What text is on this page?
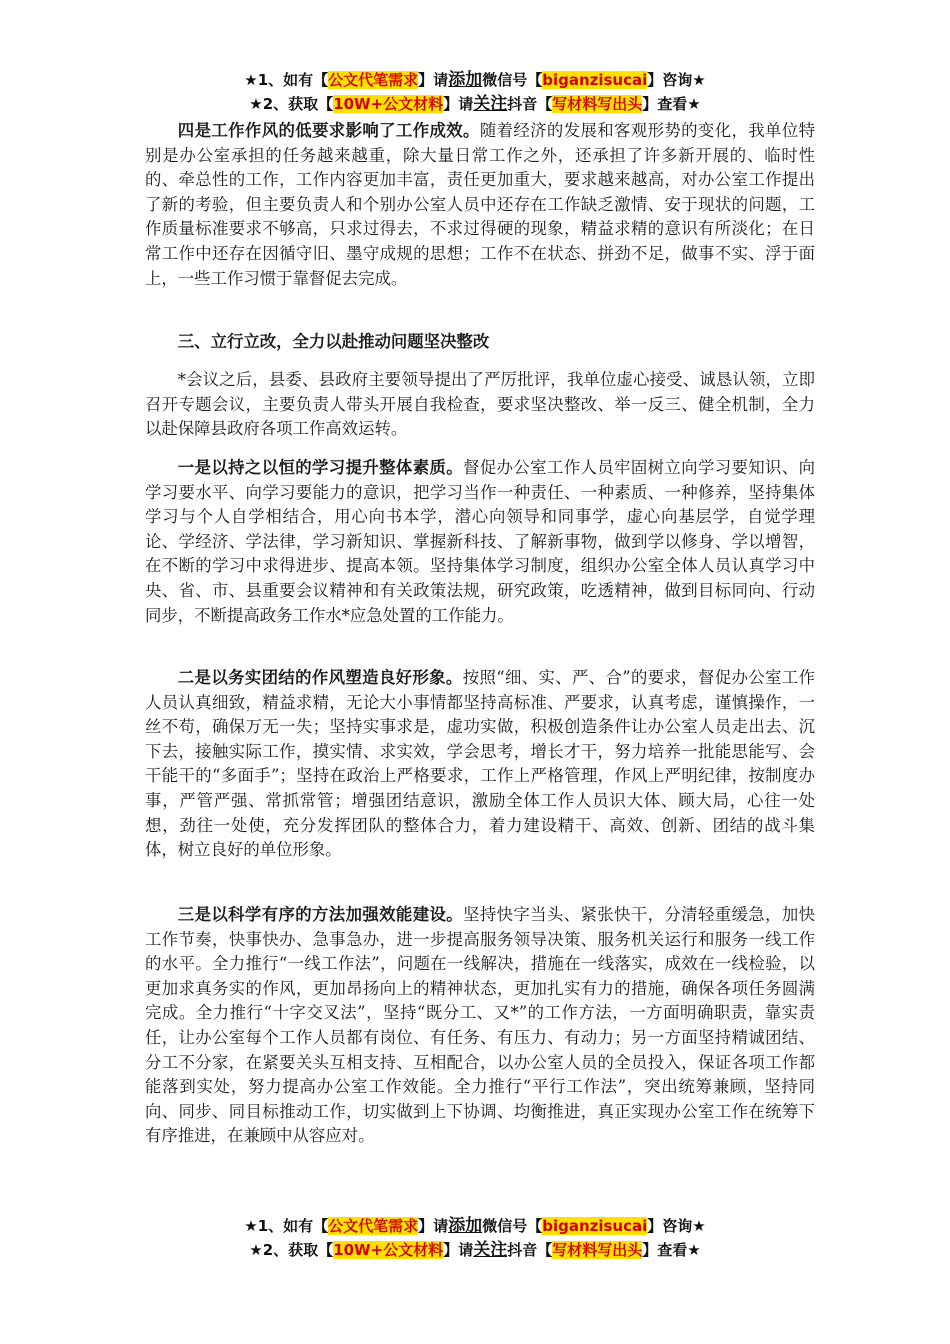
★1、如有【公文代笔需求】请添加微信号【biganzisucai】咨询★
★2、获取【10W+公文材料】请关注抖音【写材料写出头】查看★

四是工作作风的低要求影响了工作成效。随着经济的发展和客观形势的变化，我单位特别是办公室承担的任务越来越重，除大量日常工作之外，还承担了许多新开展的、临时性的、牵总性的工作，工作内容更加丰富，责任更加重大，要求越来越高，对办公室工作提出了新的考验，但主要负责人和个别办公室人员中还存在工作缺乏激情、安于现状的问题，工作质量标准要求不够高，只求过得去，不求过得硬的现象，精益求精的意识有所淡化；在日常工作中还存在因循守旧、墨守成规的思想；工作不在状态、拼劲不足，做事不实、浮于面上，一些工作习惯于靠督促去完成。

三、立行立改，全力以赴推动问题坚决整改

*会议之后，县委、县政府主要领导提出了严厉批评，我单位虚心接受、诚恳认领，立即召开专题会议，主要负责人带头开展自我检查，要求坚决整改、举一反三、健全机制，全力以赴保障县政府各项工作高效运转。

一是以持之以恒的学习提升整体素质。督促办公室工作人员牢固树立向学习要知识、向学习要水平、向学习要能力的意识，把学习当作一种责任、一种素质、一种修养，坚持集体学习与个人自学相结合，用心向书本学，潜心向领导和同事学，虚心向基层学，自觉学理论、学经济、学法律，学习新知识、掌握新科技、了解新事物，做到学以修身、学以增智，在不断的学习中求得进步、提高本领。坚持集体学习制度，组织办公室全体人员认真学习中央、省、市、县重要会议精神和有关政策法规，研究政策，吃透精神，做到目标同向、行动同步，不断提高政务工作水*应急处置的工作能力。

二是以务实团结的作风塑造良好形象。按照“细、实、严、合”的要求，督促办公室工作人员认真细致，精益求精，无论大小事情都坚持高标准、严要求，认真考虑，谨慎操作，一丝不苟，确保万无一失；坚持实事求是，虚功实做，积极创造条件让办公室人员走出去、沉下去，接触实际工作，摸实情、求实效，学会思考，增长才干，努力培养一批能思能写、会干能干的“多面手”；坚持在政治上严格要求，工作上严格管理，作风上严明纪律，按制度办事，严管严强、常抓常管；增强团结意识，激励全体工作人员识大体、顾大局，心往一处想，劲往一处使，充分发挥团队的整体合力，着力建设精干、高效、创新、团结的战斗集体，树立良好的单位形象。

三是以科学有序的方法加强效能建设。坚持快字当头、紧张快干，分清轻重缓急，加快工作节奏，快事快办、急事急办，进一步提高服务领导决策、服务机关运行和服务一线工作的水平。全力推行“一线工作法”，问题在一线解决，措施在一线落实，成效在一线检验，以更加求真务实的作风，更加昂扬向上的精神状态，更加扎实有力的措施，确保各项任务圆满完成。全力推行“十字交叉法”，坚持“既分工、又*”的工作方法，一方面明确职责，靠实责任，让办公室每个工作人员都有岗位、有任务、有压力、有动力；另一方面坚持精诚团结、分工不分家，在紧要关头互相支持、互相配合，以办公室人员的全员投入，保证各项工作都能落到实处，努力提高办公室工作效能。全力推行“平行工作法”，突出统筹兼顾，坚持同向、同步、同目标推动工作，切实做到上下协调、均衡推进，真正实现办公室工作在统筹下有序推进，在兼顾中从容应对。

★1、如有【公文代笔需求】请添加微信号【biganzisucai】咨询★
★2、获取【10W+公文材料】请关注抖音【写材料写出头】查看★
